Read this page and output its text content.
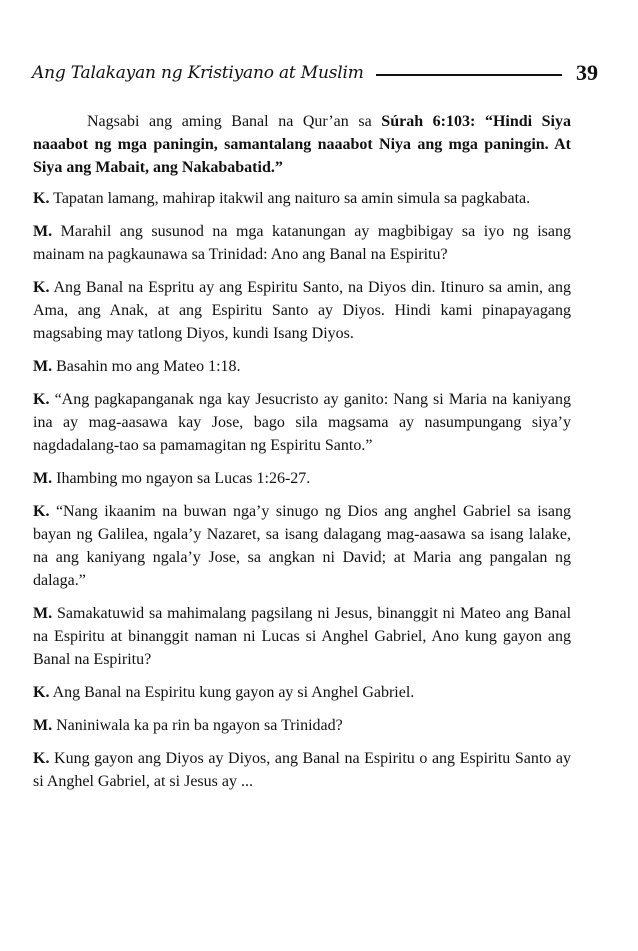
Ang Talakayan ng Kristiyano at Muslim	39

Nagsabi ang aming Banal na Qur’an sa Súrah 6:103: “Hindi Siya naaabot ng mga paningin, samantalang naaabot Niya ang mga paningin. At Siya ang Mabait, ang Nakababatid.”

K. Tapatan lamang, mahirap itakwil ang naituro sa amin simula sa pagkabata.

M. Marahil ang susunod na mga katanungan ay magbibigay sa iyo ng isang mainam na pagkaunawa sa Trinidad: Ano ang Banal na Espiritu?

K. Ang Banal na Espritu ay ang Espiritu Santo, na Diyos din. Itinuro sa amin, ang Ama, ang Anak, at ang Espiritu Santo ay Diyos. Hindi kami pinapayagang magsabing may tatlong Diyos, kundi Isang Diyos.

M. Basahin mo ang Mateo 1:18.

K. “Ang pagkapanganak nga kay Jesucristo ay ganito: Nang si Maria na kaniyang ina ay mag-aasawa kay Jose, bago sila magsama ay nasumpungang siya’y nagdadalang-tao sa pamamagitan ng Espiritu Santo.”

M. Ihambing mo ngayon sa Lucas 1:26-27.

K. “Nang ikaanim na buwan nga’y sinugo ng Dios ang anghel Gabriel sa isang bayan ng Galilea, ngala’y Nazaret, sa isang dalagang mag-aasawa sa isang lalake, na ang kaniyang ngala’y Jose, sa angkan ni David; at Maria ang pangalan ng dalaga.”

M. Samakatuwid sa mahimalang pagsilang ni Jesus, binanggit ni Mateo ang Banal na Espiritu at binanggit naman ni Lucas si Anghel Gabriel, Ano kung gayon ang Banal na Espiritu?

K. Ang Banal na Espiritu kung gayon ay si Anghel Gabriel.

M. Naniniwala ka pa rin ba ngayon sa Trinidad?

K. Kung gayon ang Diyos ay Diyos, ang Banal na Espiritu o ang Espiritu Santo ay si Anghel Gabriel, at si Jesus ay ...
